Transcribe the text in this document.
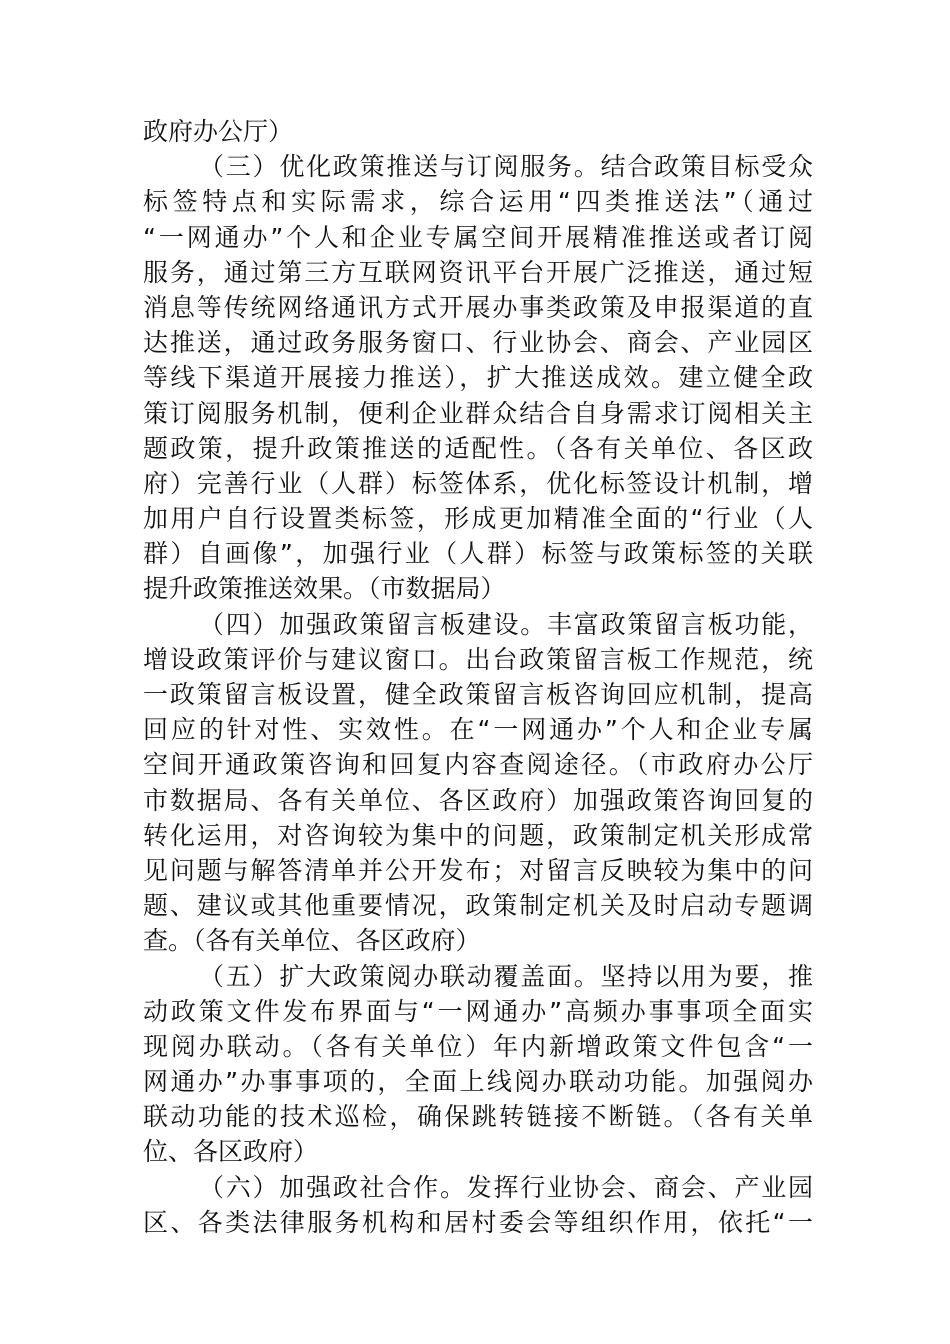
政府办公厅）
（三）优化政策推送与订阅服务。结合政策目标受众
标签特点和实际需求，综合运用“四类推送法”（通过
“一网通办”个人和企业专属空间开展精准推送或者订阅
服务，通过第三方互联网资讯平台开展广泛推送，通过短
消息等传统网络通讯方式开展办事类政策及申报渠道的直
达推送，通过政务服务窗口、行业协会、商会、产业园区
等线下渠道开展接力推送），扩大推送成效。建立健全政
策订阅服务机制，便利企业群众结合自身需求订阅相关主
题政策，提升政策推送的适配性。（各有关单位、各区政
府）完善行业（人群）标签体系，优化标签设计机制，增
加用户自行设置类标签，形成更加精准全面的“行业（人
群）自画像”，加强行业（人群）标签与政策标签的关联
提升政策推送效果。（市数据局）
（四）加强政策留言板建设。丰富政策留言板功能，
增设政策评价与建议窗口。出台政策留言板工作规范，统
一政策留言板设置，健全政策留言板咨询回应机制，提高
回应的针对性、实效性。在“一网通办”个人和企业专属
空间开通政策咨询和回复内容查阅途径。（市政府办公厅
市数据局、各有关单位、各区政府）加强政策咨询回复的
转化运用，对咨询较为集中的问题，政策制定机关形成常
见问题与解答清单并公开发布；对留言反映较为集中的问
题、建议或其他重要情况，政策制定机关及时启动专题调
查。（各有关单位、各区政府）
（五）扩大政策阅办联动覆盖面。坚持以用为要，推
动政策文件发布界面与“一网通办”高频办事事项全面实
现阅办联动。（各有关单位）年内新增政策文件包含“一
网通办”办事事项的，全面上线阅办联动功能。加强阅办
联动功能的技术巡检，确保跳转链接不断链。（各有关单
位、各区政府）
（六）加强政社合作。发挥行业协会、商会、产业园
区、各类法律服务机构和居村委会等组织作用，依托“一
